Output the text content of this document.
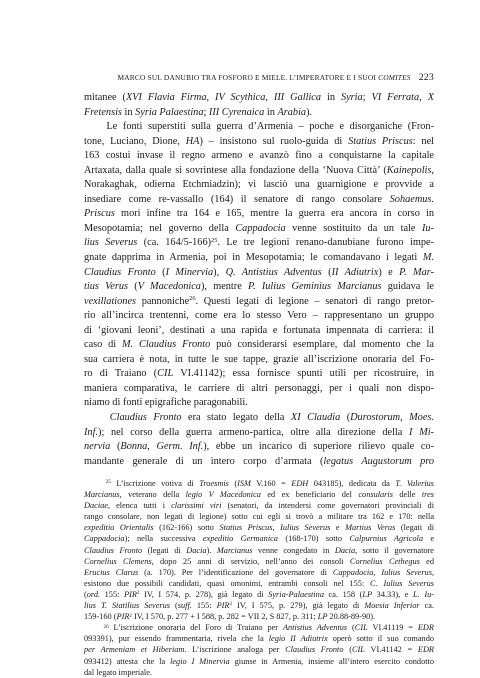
MARCO SUL DANUBIO TRA FOSFORO E MIELE. L’IMPERATORE E I SUOI COMITES 223
mitanee (XVI Flavia Firma, IV Scythica, III Gallica in Syria; VI Ferrata, X
Fretensis in Syria Palaestina; III Cyrenaica in Arabia).
Le fonti superstiti sulla guerra d’Armenia – poche e disorganiche (Fron-
tone, Luciano, Dione, HA) – insistono sul ruolo-guida di Statius Priscus: nel
163 costui invase il regno armeno e avanzò fino a conquistarne la capitale
Artaxata, dalla quale si sovrintese alla fondazione della ‘Nuova Città’ (Kainepolis,
Norakaghak, odierna Etchmiadzin); vi lasciò una guarnigione e provvide a
insediare come re-vassallo (164) il senatore di rango consolare Sohaemus.
Priscus mori infine tra 164 e 165, mentre la guerra era ancora in corso in
Mesopotamia; nel governo della Cappadocia venne sostituito da un tale Iu-
lius Severus (ca. 164/5-166)$^{25}$. Le tre legioni renano-danubiane furono impe-
gnate dapprima in Armenia, poi in Mesopotamia; le comandavano i legati M.
Claudius Fronto (I Minervia), Q. Antistius Adventus (II Adiutrix) e P. Mar-
tius Verus (V Macedonica), mentre P. Iulius Geminius Marcianus guidava le
vexillationes pannoniche$^{26}$. Questi legati di legione – senatori di rango pretor-
rio all’incirca trentenni, come era lo stesso Vero – rappresentano un gruppo
di ‘giovani leoni’, destinati a una rapida e fortunata impennata di carriera: il
caso di M. Claudius Fronto può considerarsi esemplare, dal momento che la
sua carriera è nota, in tutte le sue tappe, grazie all’iscrizione onoraria del Fo-
ro di Traiano (CIL VI.41142); essa fornisce spunti utili per ricostruire, in
maniera comparativa, le carriere di altri personaggi, per i quali non dispo-
niamo di fonti epigrafiche paragonabili.
Claudius Fronto era stato legato della XI Claudia (Durostorum, Moes.
Inf.); nel corso della guerra armeno-partica, oltre alla direzione della I Mi-
nervia (Bonna, Germ. Inf.), ebbe un incarico di superiore rilievo quale co-
mandante generale di un intero corpo d’armata (legatus Augustorum pro
$^{25}$ L’iscrizione votiva di Troesmis (ISM V.160 = EDH 043185), dedicata da T. Valerius
Marcianus, veterano della legio V Macedonica ed ex beneficiario del consularis delle tres
Daciae, elenca tutti i clarissimi viri (senatori, da intendersi come governatori provinciali di
rango consolare, non legati di legione) sotto cui egli si trovò a militare tra 162 e 170: nella
expeditio Orientalis (162-166) sotto Statius Priscus, Iulius Severus e Martius Verus (legati di
Cappadocia); nella successiva expeditio Germanica (168-170) sotto Calpurnius Agricola e
Claudius Fronto (legati di Dacia). Marcianus venne congedato in Dacia, sotto il governatore
Cornelius Clemens, dopo 25 anni di servizio, nell’anno dei consoli Cornelius Cethegus ed
Erucius Clarus (a. 170). Per l’identificazione del governatore di Cappadocia, Iulius Severus,
esistono due possibili candidati, quasi omonimi, entrambi consoli nel 155: C. Iulius Severus
(ord. 155: PIR$^2$ IV, I 574, p. 278), già legato di Syria-Palaestina ca. 158 (LP 34.33), e L. Iu-
lius T. Statilius Severus (suff. 155: PIR$^2$ IV, I 575, p. 279), già legato di Moesia Inferior ca.
159-160 (PIR$^2$ IV, I 570, p. 277 + I 588, p. 282 = VII 2, S 827, p. 311; LP 20.88-89-90).
$^{26}$ L’iscrizione onoraria del Foro di Traiano per Antistius Adventus (CIL VI.41119 = EDR
093391), pur essendo frammentaria, rivela che la legio II Adiutrix operò sotto il suo comando
per Armeniam et Hiberiam. L’iscrizione analoga per Claudius Fronto (CIL VI.41142 = EDR
093412) attesta che la legio I Minervia giunse in Armenia, insieme all’intero esercito condotto
dal legato imperiale.
